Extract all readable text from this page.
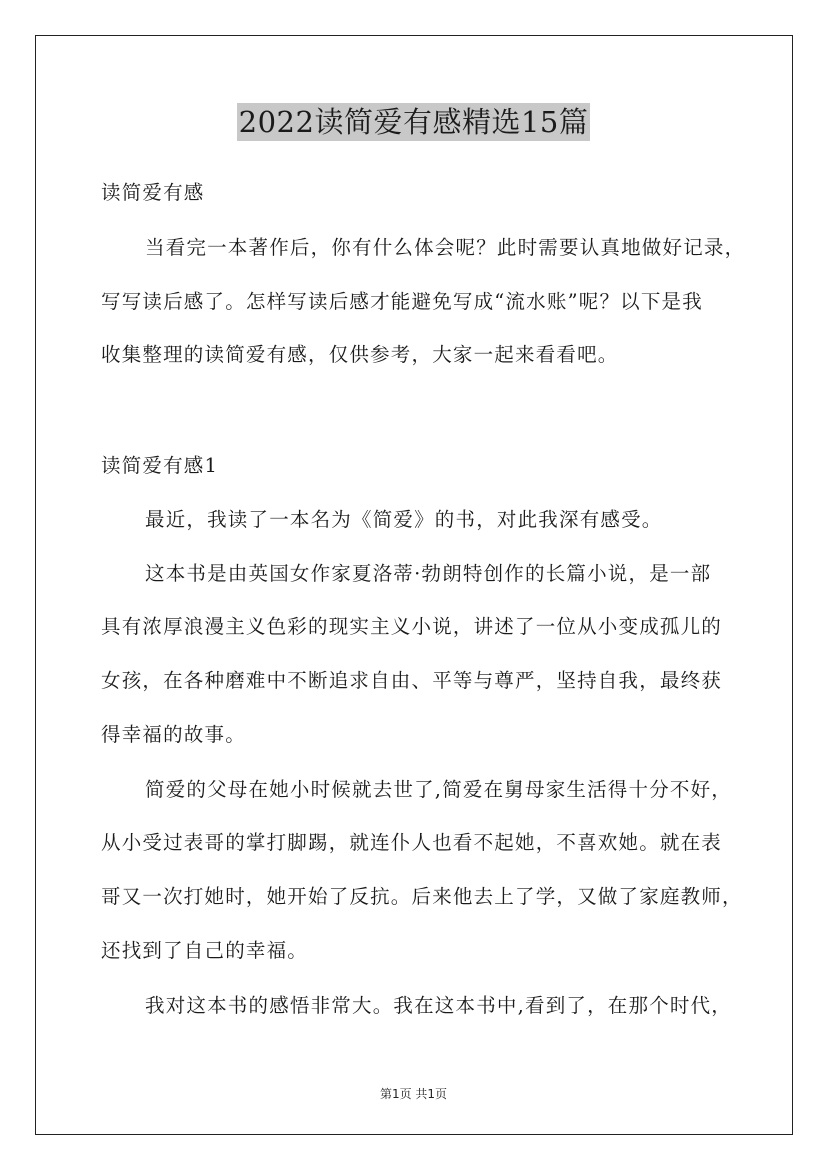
2022读简爱有感精选15篇
读简爱有感
当看完一本著作后，你有什么体会呢？此时需要认真地做好记录，
写写读后感了。怎样写读后感才能避免写成“流水账”呢？以下是我
收集整理的读简爱有感，仅供参考，大家一起来看看吧。
读简爱有感1
最近，我读了一本名为《简爱》的书，对此我深有感受。
这本书是由英国女作家夏洛蒂·勃朗特创作的长篇小说，是一部
具有浓厚浪漫主义色彩的现实主义小说，讲述了一位从小变成孤儿的
女孩，在各种磨难中不断追求自由、平等与尊严，坚持自我，最终获
得幸福的故事。
简爱的父母在她小时候就去世了,简爱在舅母家生活得十分不好，
从小受过表哥的掌打脚踢，就连仆人也看不起她，不喜欢她。就在表
哥又一次打她时，她开始了反抗。后来他去上了学，又做了家庭教师，
还找到了自己的幸福。
我对这本书的感悟非常大。我在这本书中,看到了，在那个时代，
第1页 共1页
